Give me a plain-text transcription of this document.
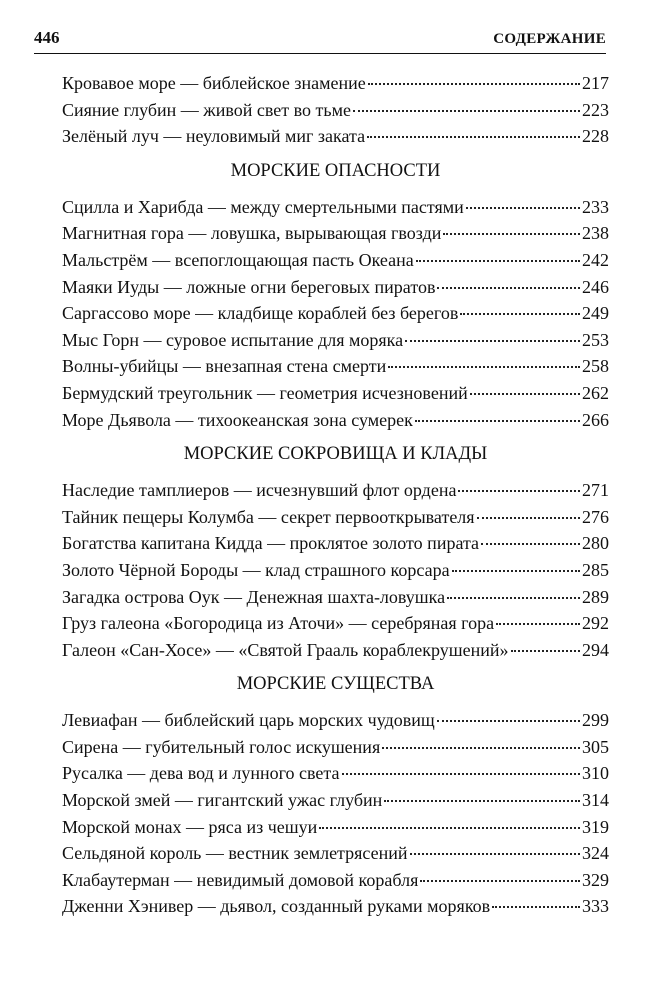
446	СОДЕРЖАНИЕ
Кровавое море — библейское знамение	217
Сияние глубин — живой свет во тьме	223
Зелёный луч — неуловимый миг заката	228
МОРСКИЕ ОПАСНОСТИ
Сцилла и Харибда — между смертельными пастями	233
Магнитная гора — ловушка, вырывающая гвозди	238
Мальстрём — всепоглощающая пасть Океана	242
Маяки Иуды — ложные огни береговых пиратов	246
Саргассово море — кладбище кораблей без берегов	249
Мыс Горн — суровое испытание для моряка	253
Волны-убийцы — внезапная стена смерти	258
Бермудский треугольник — геометрия исчезновений	262
Море Дьявола — тихоокеанская зона сумерек	266
МОРСКИЕ СОКРОВИЩА И КЛАДЫ
Наследие тамплиеров — исчезнувший флот ордена	271
Тайник пещеры Колумба — секрет первооткрывателя	276
Богатства капитана Кидда — проклятое золото пирата	280
Золото Чёрной Бороды — клад страшного корсара	285
Загадка острова Оук — Денежная шахта-ловушка	289
Груз галеона «Богородица из Аточи» — серебряная гора	292
Галеон «Сан-Хосе» — «Святой Грааль кораблекрушений»	294
МОРСКИЕ СУЩЕСТВА
Левиафан — библейский царь морских чудовищ	299
Сирена — губительный голос искушения	305
Русалка — дева вод и лунного света	310
Морской змей — гигантский ужас глубин	314
Морской монах — ряса из чешуи	319
Сельдяной король — вестник землетрясений	324
Клабаутерман — невидимый домовой корабля	329
Дженни Хэнивер — дьявол, созданный руками моряков	333
